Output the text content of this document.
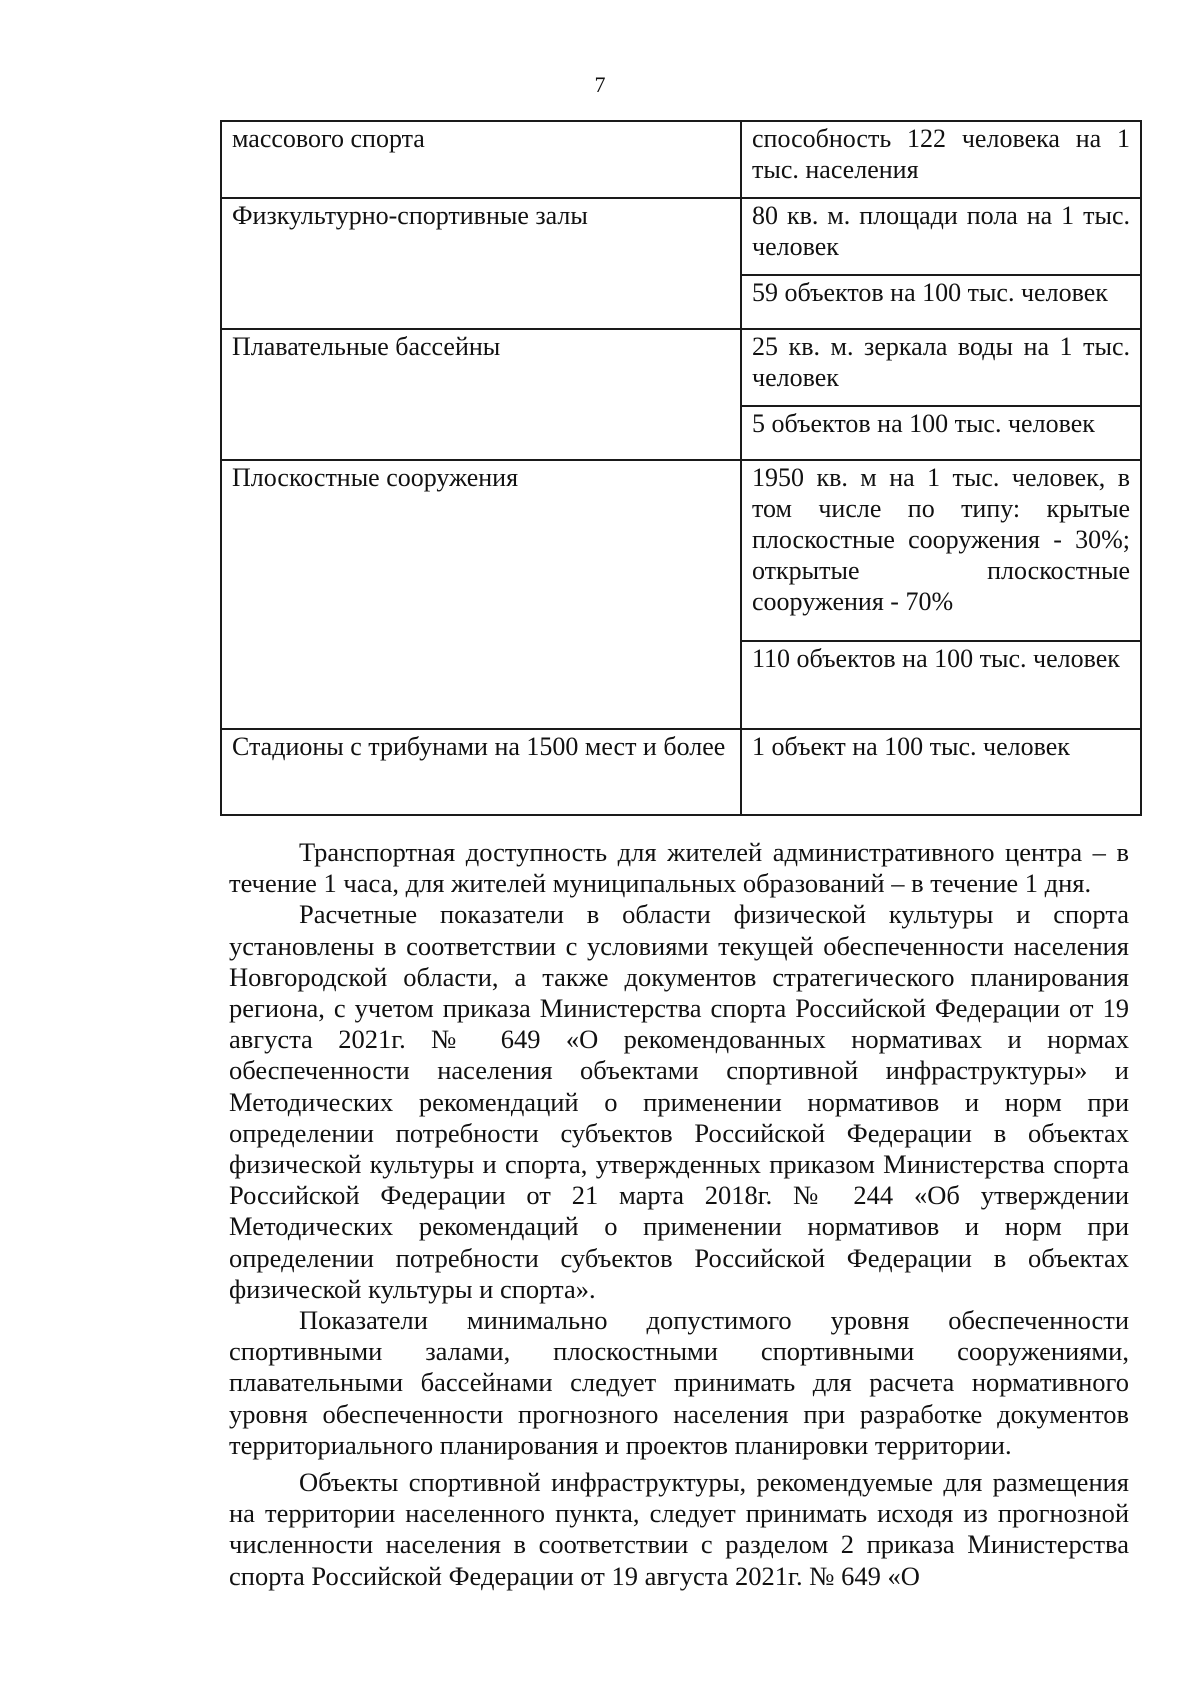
7
массового спорта	способность 122 человека на 1 тыс. населения
Физкультурно-спортивные залы	80 кв. м. площади пола на 1 тыс. человек
	59 объектов на 100 тыс. человек
Плавательные бассейны	25 кв. м. зеркала воды на 1 тыс. человек
	5 объектов на 100 тыс. человек
Плоскостные сооружения	1950 кв. м на 1 тыс. человек, в том числе по типу: крытые плоскостные сооружения - 30%; открытые плоскостные сооружения - 70%
	110 объектов на 100 тыс. человек
Стадионы с трибунами на 1500 мест и более	1 объект на 100 тыс. человек

Транспортная доступность для жителей административного центра – в течение 1 часа, для жителей муниципальных образований – в течение 1 дня.

Расчетные показатели в области физической культуры и спорта установлены в соответствии с условиями текущей обеспеченности населения Новгородской области, а также документов стратегического планирования региона, с учетом приказа Министерства спорта Российской Федерации от 19 августа 2021г. № 649 «О рекомендованных нормативах и нормах обеспеченности населения объектами спортивной инфраструктуры» и Методических рекомендаций о применении нормативов и норм при определении потребности субъектов Российской Федерации в объектах физической культуры и спорта, утвержденных приказом Министерства спорта Российской Федерации от 21 марта 2018г. № 244 «Об утверждении Методических рекомендаций о применении нормативов и норм при определении потребности субъектов Российской Федерации в объектах физической культуры и спорта».

Показатели минимально допустимого уровня обеспеченности спортивными залами, плоскостными спортивными сооружениями, плавательными бассейнами следует принимать для расчета нормативного уровня обеспеченности прогнозного населения при разработке документов территориального планирования и проектов планировки территории.

Объекты спортивной инфраструктуры, рекомендуемые для размещения на территории населенного пункта, следует принимать исходя из прогнозной численности населения в соответствии с разделом 2 приказа Министерства спорта Российской Федерации от 19 августа 2021г. № 649 «О
